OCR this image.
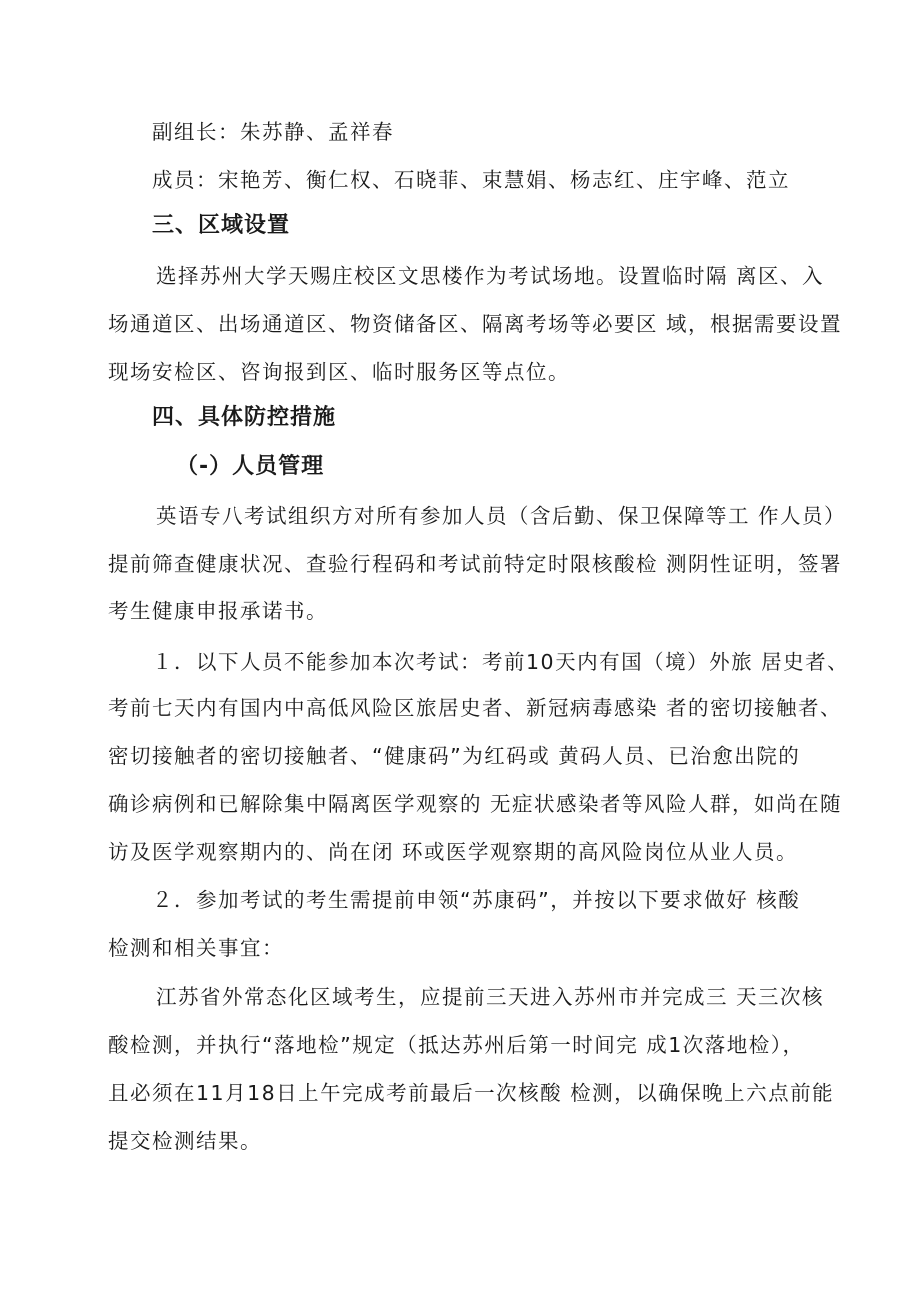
副组长：朱苏静、孟祥春
成员：宋艳芳、衡仁权、石晓菲、束慧娟、杨志红、庄宇峰、范立
三、区域设置
选择苏州大学天赐庄校区文思楼作为考试场地。设置临时隔 离区、入
场通道区、出场通道区、物资储备区、隔离考场等必要区 域，根据需要设置
现场安检区、咨询报到区、临时服务区等点位。
四、具体防控措施
（-）人员管理
英语专八考试组织方对所有参加人员（含后勤、保卫保障等工 作人员）
提前筛查健康状况、查验行程码和考试前特定时限核酸检 测阴性证明，签署
考生健康申报承诺书。
１．以下人员不能参加本次考试：考前10天内有国（境）外旅 居史者、
考前七天内有国内中高低风险区旅居史者、新冠病毒感染 者的密切接触者、
密切接触者的密切接触者、“健康码”为红码或 黄码人员、已治愈出院的
确诊病例和已解除集中隔离医学观察的 无症状感染者等风险人群，如尚在随
访及医学观察期内的、尚在闭 环或医学观察期的高风险岗位从业人员。
２．参加考试的考生需提前申领“苏康码”，并按以下要求做好 核酸
检测和相关事宜：
江苏省外常态化区域考生，应提前三天进入苏州市并完成三 天三次核
酸检测，并执行“落地检”规定（抵达苏州后第一时间完 成1次落地检），
且必须在11月18日上午完成考前最后一次核酸 检测，以确保晚上六点前能
提交检测结果。
